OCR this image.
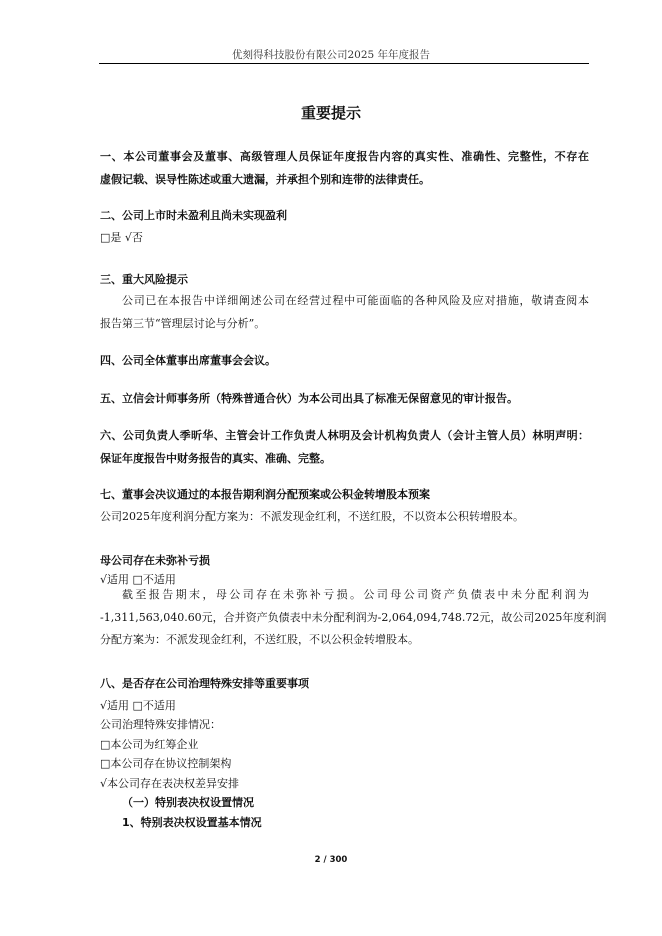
优刻得科技股份有限公司2025 年年度报告
重要提示
一、本公司董事会及董事、高级管理人员保证年度报告内容的真实性、准确性、完整性，不存在
虚假记载、误导性陈述或重大遗漏，并承担个别和连带的法律责任。
二、公司上市时未盈利且尚未实现盈利
□是 √否
三、重大风险提示
公司已在本报告中详细阐述公司在经营过程中可能面临的各种风险及应对措施，敬请查阅本
报告第三节“管理层讨论与分析”。
四、公司全体董事出席董事会会议。
五、立信会计师事务所（特殊普通合伙）为本公司出具了标准无保留意见的审计报告。
六、公司负责人季昕华、主管会计工作负责人林明及会计机构负责人（会计主管人员）林明声明：
保证年度报告中财务报告的真实、准确、完整。
七、董事会决议通过的本报告期利润分配预案或公积金转增股本预案
公司2025年度利润分配方案为：不派发现金红利，不送红股，不以资本公积转增股本。
母公司存在未弥补亏损
√适用 □不适用
截至报告期末，母公司存在未弥补亏损。公司母公司资产负债表中未分配利润为
-1,311,563,040.60元，合并资产负债表中未分配利润为-2,064,094,748.72元，故公司2025年度利润
分配方案为：不派发现金红利，不送红股，不以公积金转增股本。
八、是否存在公司治理特殊安排等重要事项
√适用 □不适用
公司治理特殊安排情况：
□本公司为红筹企业
□本公司存在协议控制架构
√本公司存在表决权差异安排
（一）特别表决权设置情况
1、特别表决权设置基本情况
2 / 300
